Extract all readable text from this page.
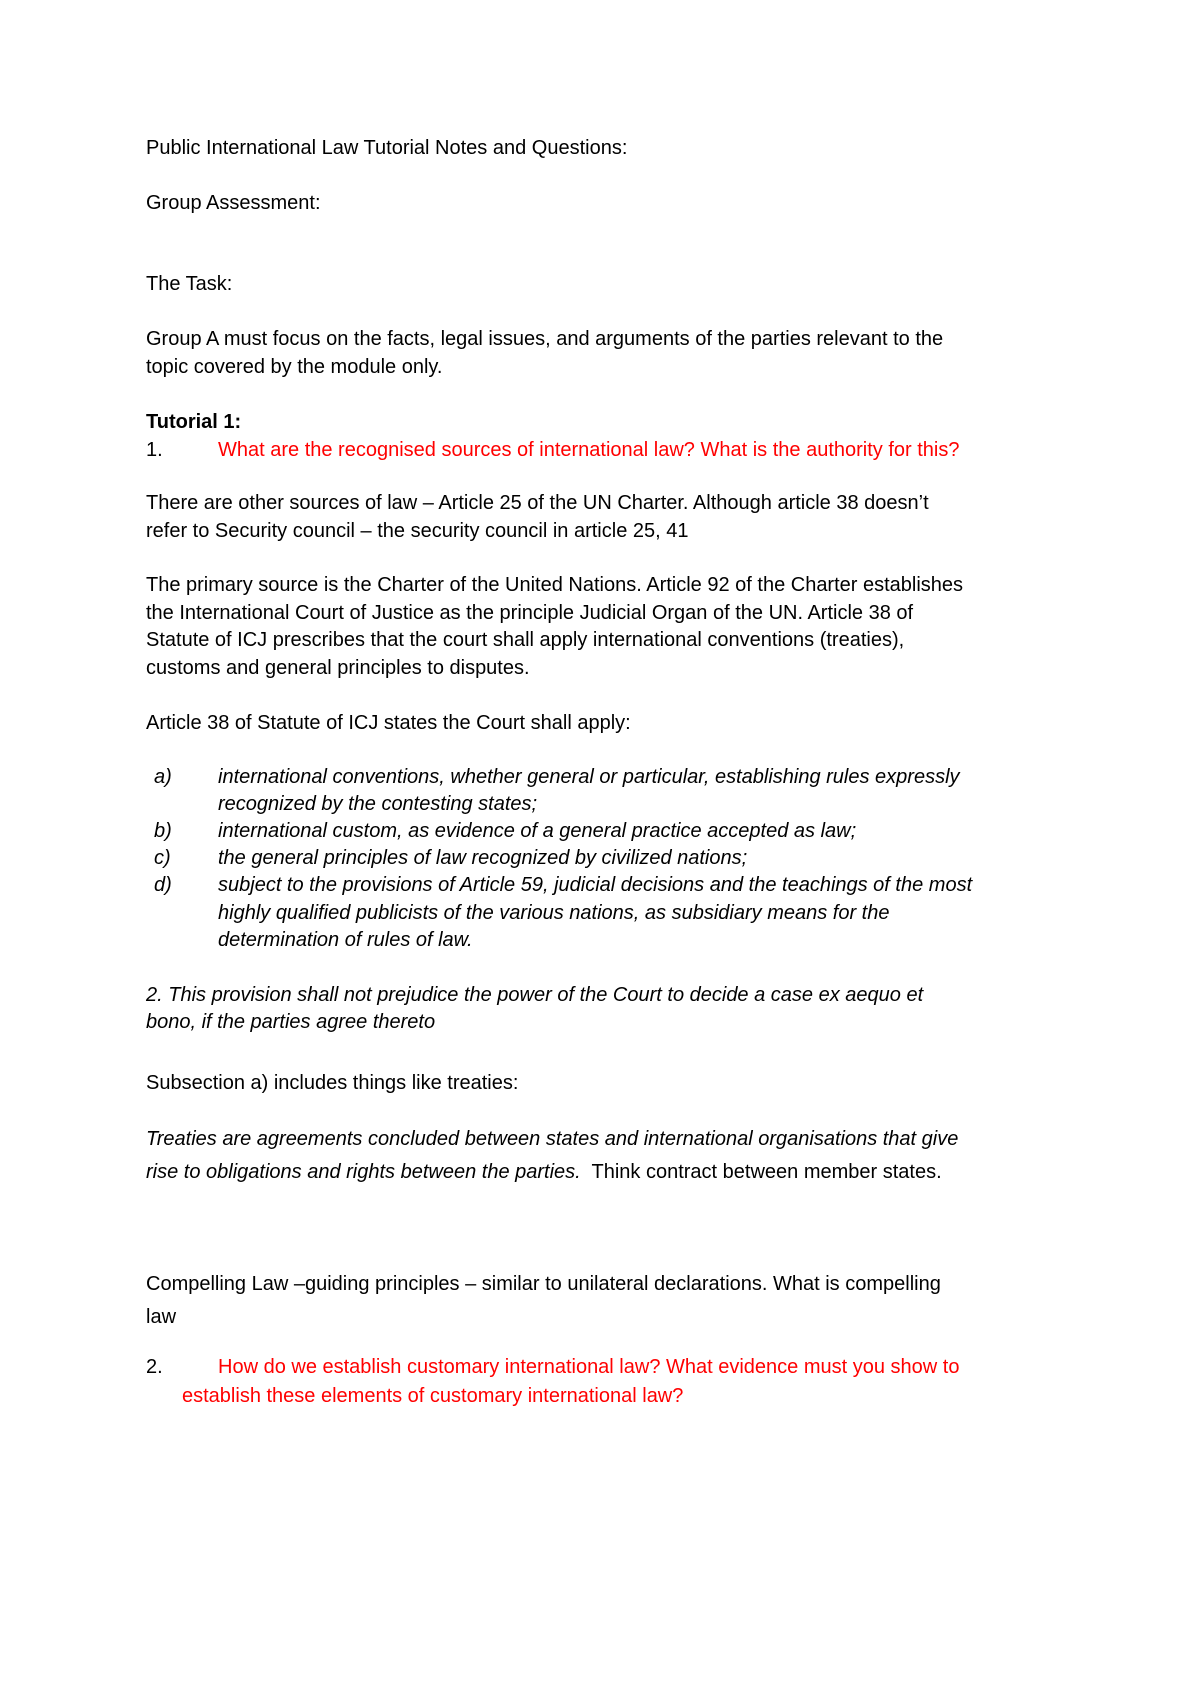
Public International Law Tutorial Notes and Questions:
Group Assessment:
The Task:
Group A must focus on the facts, legal issues, and arguments of the parties relevant to the
topic covered by the module only.
Tutorial 1:
1.	What are the recognised sources of international law? What is the authority for this?
There are other sources of law – Article 25 of the UN Charter. Although article 38 doesn’t
refer to Security council – the security council in article 25, 41
The primary source is the Charter of the United Nations. Article 92 of the Charter establishes
the International Court of Justice as the principle Judicial Organ of the UN. Article 38 of
Statute of ICJ prescribes that the court shall apply international conventions (treaties),
customs and general principles to disputes.
Article 38 of Statute of ICJ states the Court shall apply:
a) international conventions, whether general or particular, establishing rules expressly
recognized by the contesting states;
b) international custom, as evidence of a general practice accepted as law;
c) the general principles of law recognized by civilized nations;
d) subject to the provisions of Article 59, judicial decisions and the teachings of the most
highly qualified publicists of the various nations, as subsidiary means for the
determination of rules of law.
2. This provision shall not prejudice the power of the Court to decide a case ex aequo et
bono, if the parties agree thereto
Subsection a) includes things like treaties:
Treaties are agreements concluded between states and international organisations that give
rise to obligations and rights between the parties. Think contract between member states.
Compelling Law –guiding principles – similar to unilateral declarations. What is compelling
law
2.	How do we establish customary international law? What evidence must you show to
establish these elements of customary international law?
